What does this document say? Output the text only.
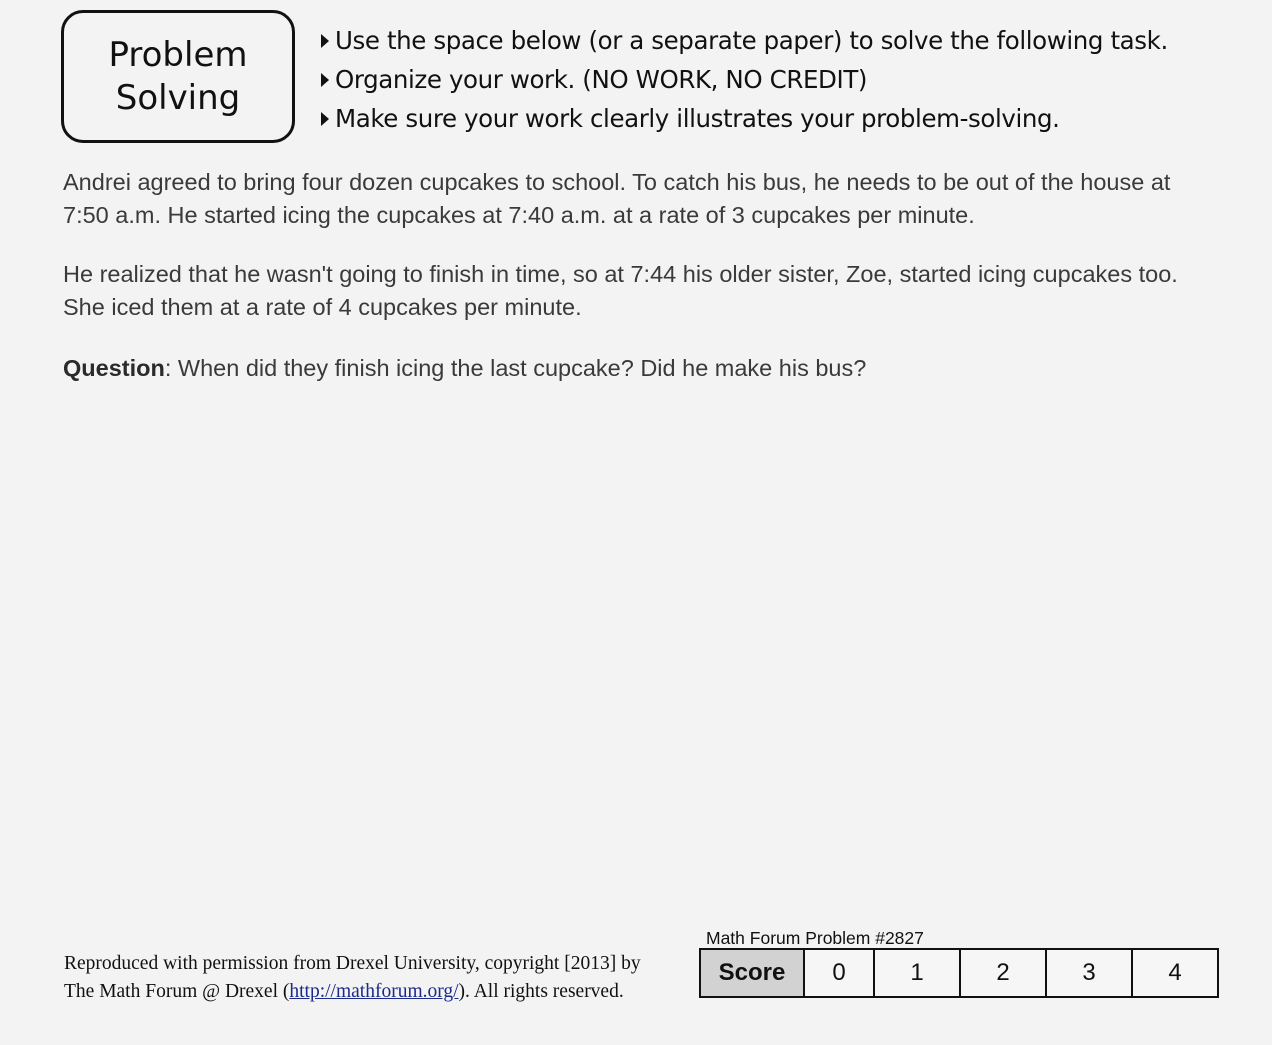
Problem
Solving
Use the space below (or a separate paper) to solve the following task.
Organize your work. (NO WORK, NO CREDIT)
Make sure your work clearly illustrates your problem-solving.

Andrei agreed to bring four dozen cupcakes to school. To catch his bus, he needs to be out of the house at 7:50 a.m. He started icing the cupcakes at 7:40 a.m. at a rate of 3 cupcakes per minute.

He realized that he wasn't going to finish in time, so at 7:44 his older sister, Zoe, started icing cupcakes too. She iced them at a rate of 4 cupcakes per minute.

Question: When did they finish icing the last cupcake? Did he make his bus?

Reproduced with permission from Drexel University, copyright [2013] by
The Math Forum @ Drexel (http://mathforum.org/). All rights reserved.
Math Forum Problem #2827
Score	0	1	2	3	4
